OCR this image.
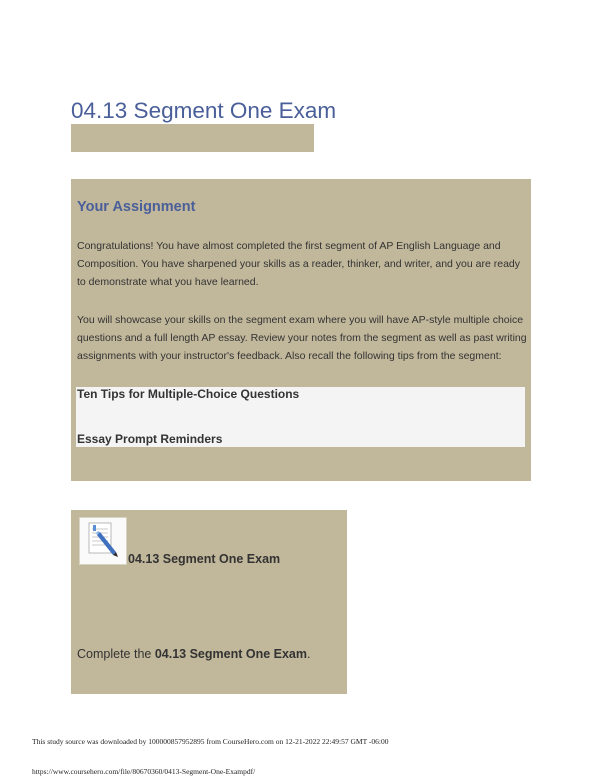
04.13 Segment One Exam
Your Assignment

Congratulations! You have almost completed the first segment of AP English Language and Composition. You have sharpened your skills as a reader, thinker, and writer, and you are ready to demonstrate what you have learned.

You will showcase your skills on the segment exam where you will have AP-style multiple choice questions and a full length AP essay. Review your notes from the segment as well as past writing assignments with your instructor's feedback. Also recall the following tips from the segment:

Ten Tips for Multiple-Choice Questions

Essay Prompt Reminders

04.13 Segment One Exam

Complete the 04.13 Segment One Exam.

This study source was downloaded by 100000857952895 from CourseHero.com on 12-21-2022 22:49:57 GMT -06:00

https://www.coursehero.com/file/80670360/0413-Segment-One-Exampdf/
